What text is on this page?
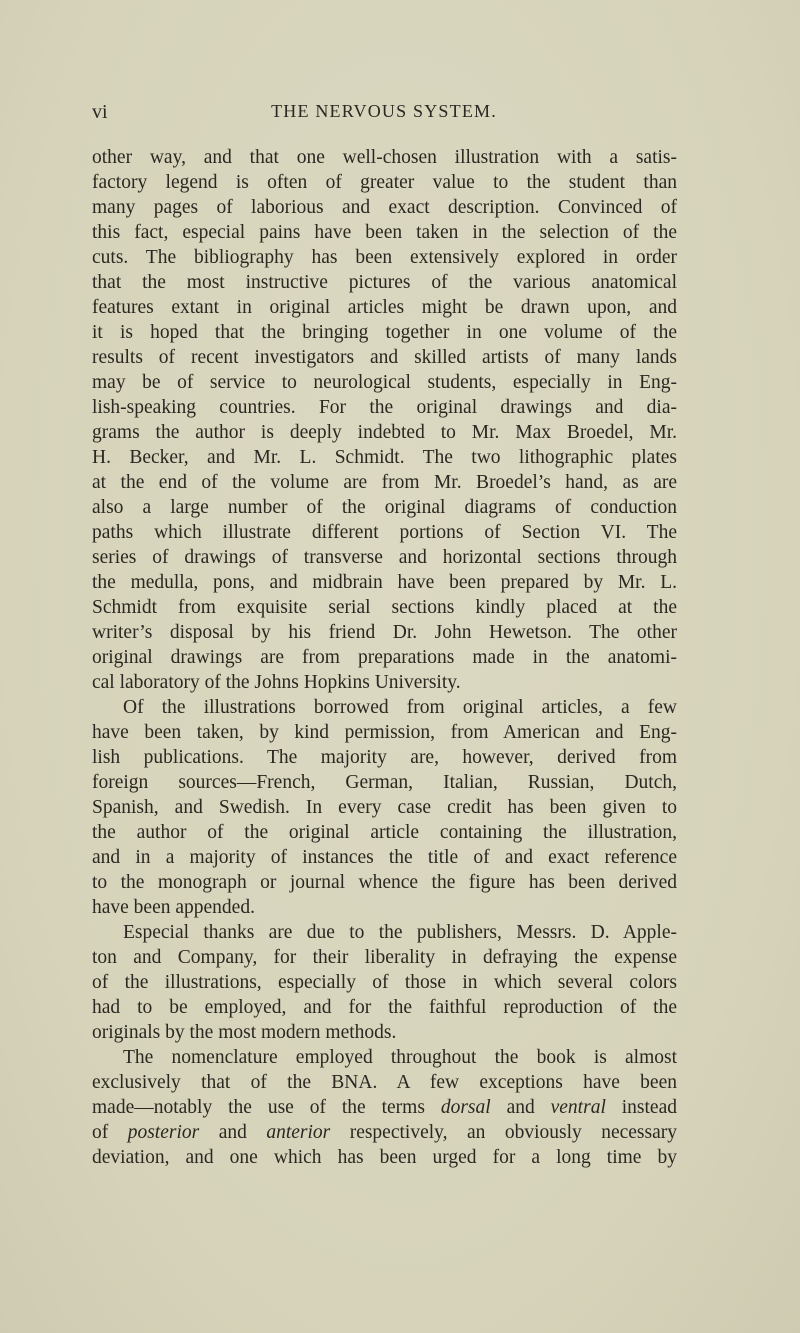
vi	THE NERVOUS SYSTEM.
other way, and that one well-chosen illustration with a satis-
factory legend is often of greater value to the student than
many pages of laborious and exact description. Convinced of
this fact, especial pains have been taken in the selection of the
cuts. The bibliography has been extensively explored in order
that the most instructive pictures of the various anatomical
features extant in original articles might be drawn upon, and
it is hoped that the bringing together in one volume of the
results of recent investigators and skilled artists of many lands
may be of service to neurological students, especially in Eng-
lish-speaking countries. For the original drawings and dia-
grams the author is deeply indebted to Mr. Max Broedel, Mr.
H. Becker, and Mr. L. Schmidt. The two lithographic plates
at the end of the volume are from Mr. Broedel’s hand, as are
also a large number of the original diagrams of conduction
paths which illustrate different portions of Section VI. The
series of drawings of transverse and horizontal sections through
the medulla, pons, and midbrain have been prepared by Mr. L.
Schmidt from exquisite serial sections kindly placed at the
writer’s disposal by his friend Dr. John Hewetson. The other
original drawings are from preparations made in the anatomi-
cal laboratory of the Johns Hopkins University.
Of the illustrations borrowed from original articles, a few
have been taken, by kind permission, from American and Eng-
lish publications. The majority are, however, derived from
foreign sources—French, German, Italian, Russian, Dutch,
Spanish, and Swedish. In every case credit has been given to
the author of the original article containing the illustration,
and in a majority of instances the title of and exact reference
to the monograph or journal whence the figure has been derived
have been appended.
Especial thanks are due to the publishers, Messrs. D. Apple-
ton and Company, for their liberality in defraying the expense
of the illustrations, especially of those in which several colors
had to be employed, and for the faithful reproduction of the
originals by the most modern methods.
The nomenclature employed throughout the book is almost
exclusively that of the BNA. A few exceptions have been
made—notably the use of the terms dorsal and ventral instead
of posterior and anterior respectively, an obviously necessary
deviation, and one which has been urged for a long time by
